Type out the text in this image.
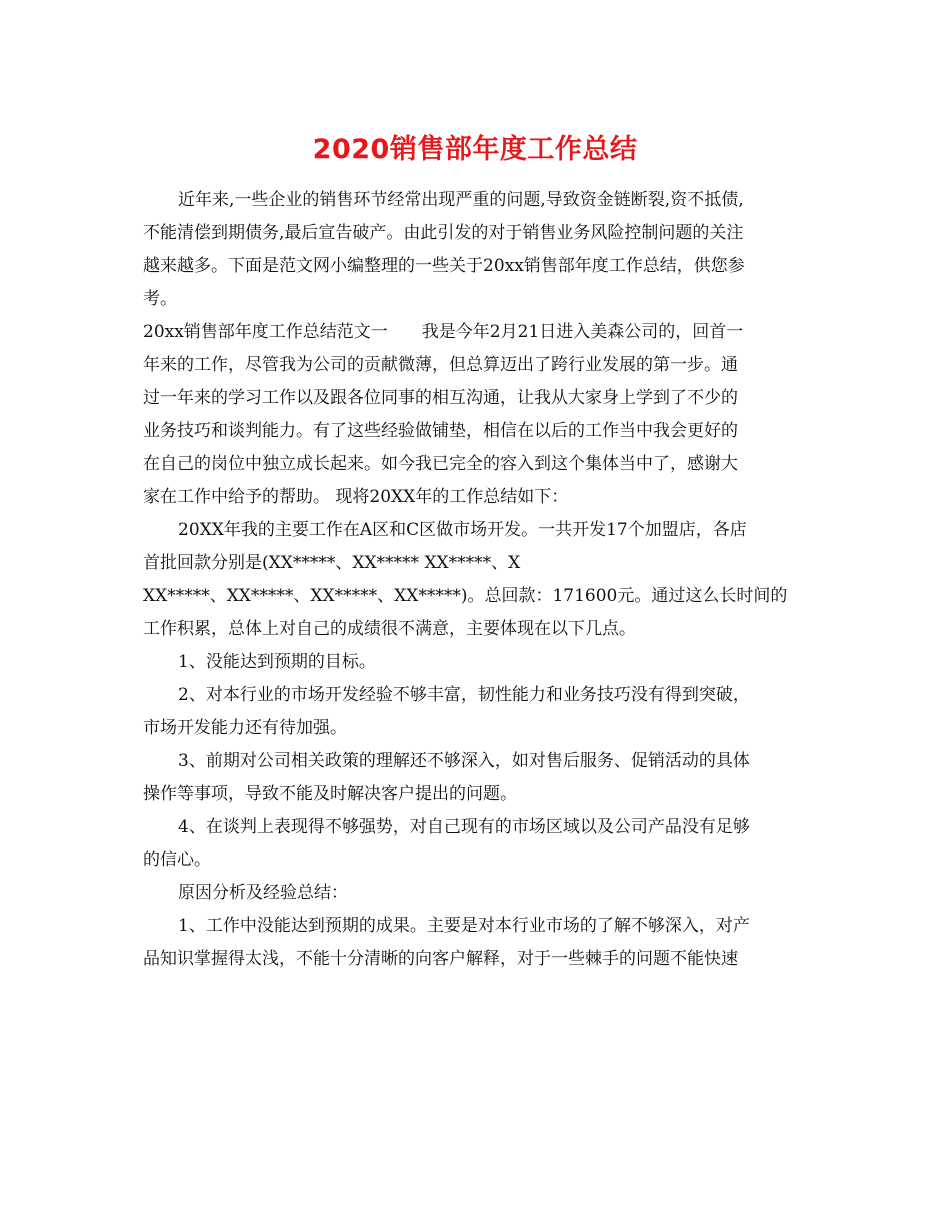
2020销售部年度工作总结
近年来,一些企业的销售环节经常出现严重的问题,导致资金链断裂,资不抵债,
不能清偿到期债务,最后宣告破产。由此引发的对于销售业务风险控制问题的关注
越来越多。下面是范文网小编整理的一些关于20xx销售部年度工作总结，供您参
考。
20xx销售部年度工作总结范文一　　我是今年2月21日进入美森公司的，回首一
年来的工作，尽管我为公司的贡献微薄，但总算迈出了跨行业发展的第一步。通
过一年来的学习工作以及跟各位同事的相互沟通，让我从大家身上学到了不少的
业务技巧和谈判能力。有了这些经验做铺垫，相信在以后的工作当中我会更好的
在自己的岗位中独立成长起来。如今我已完全的容入到这个集体当中了，感谢大
家在工作中给予的帮助。 现将20XX年的工作总结如下：
20XX年我的主要工作在A区和C区做市场开发。一共开发17个加盟店，各店
首批回款分别是(XX*****、XX***** XX*****、X
XX*****、XX*****、XX*****、XX*****)。总回款：171600元。通过这么长时间的
工作积累，总体上对自己的成绩很不满意，主要体现在以下几点。
1、没能达到预期的目标。
2、对本行业的市场开发经验不够丰富，韧性能力和业务技巧没有得到突破，
市场开发能力还有待加强。
3、前期对公司相关政策的理解还不够深入，如对售后服务、促销活动的具体
操作等事项，导致不能及时解决客户提出的问题。
4、在谈判上表现得不够强势，对自己现有的市场区域以及公司产品没有足够
的信心。
原因分析及经验总结：
1、工作中没能达到预期的成果。主要是对本行业市场的了解不够深入，对产
品知识掌握得太浅，不能十分清晰的向客户解释，对于一些棘手的问题不能快速
